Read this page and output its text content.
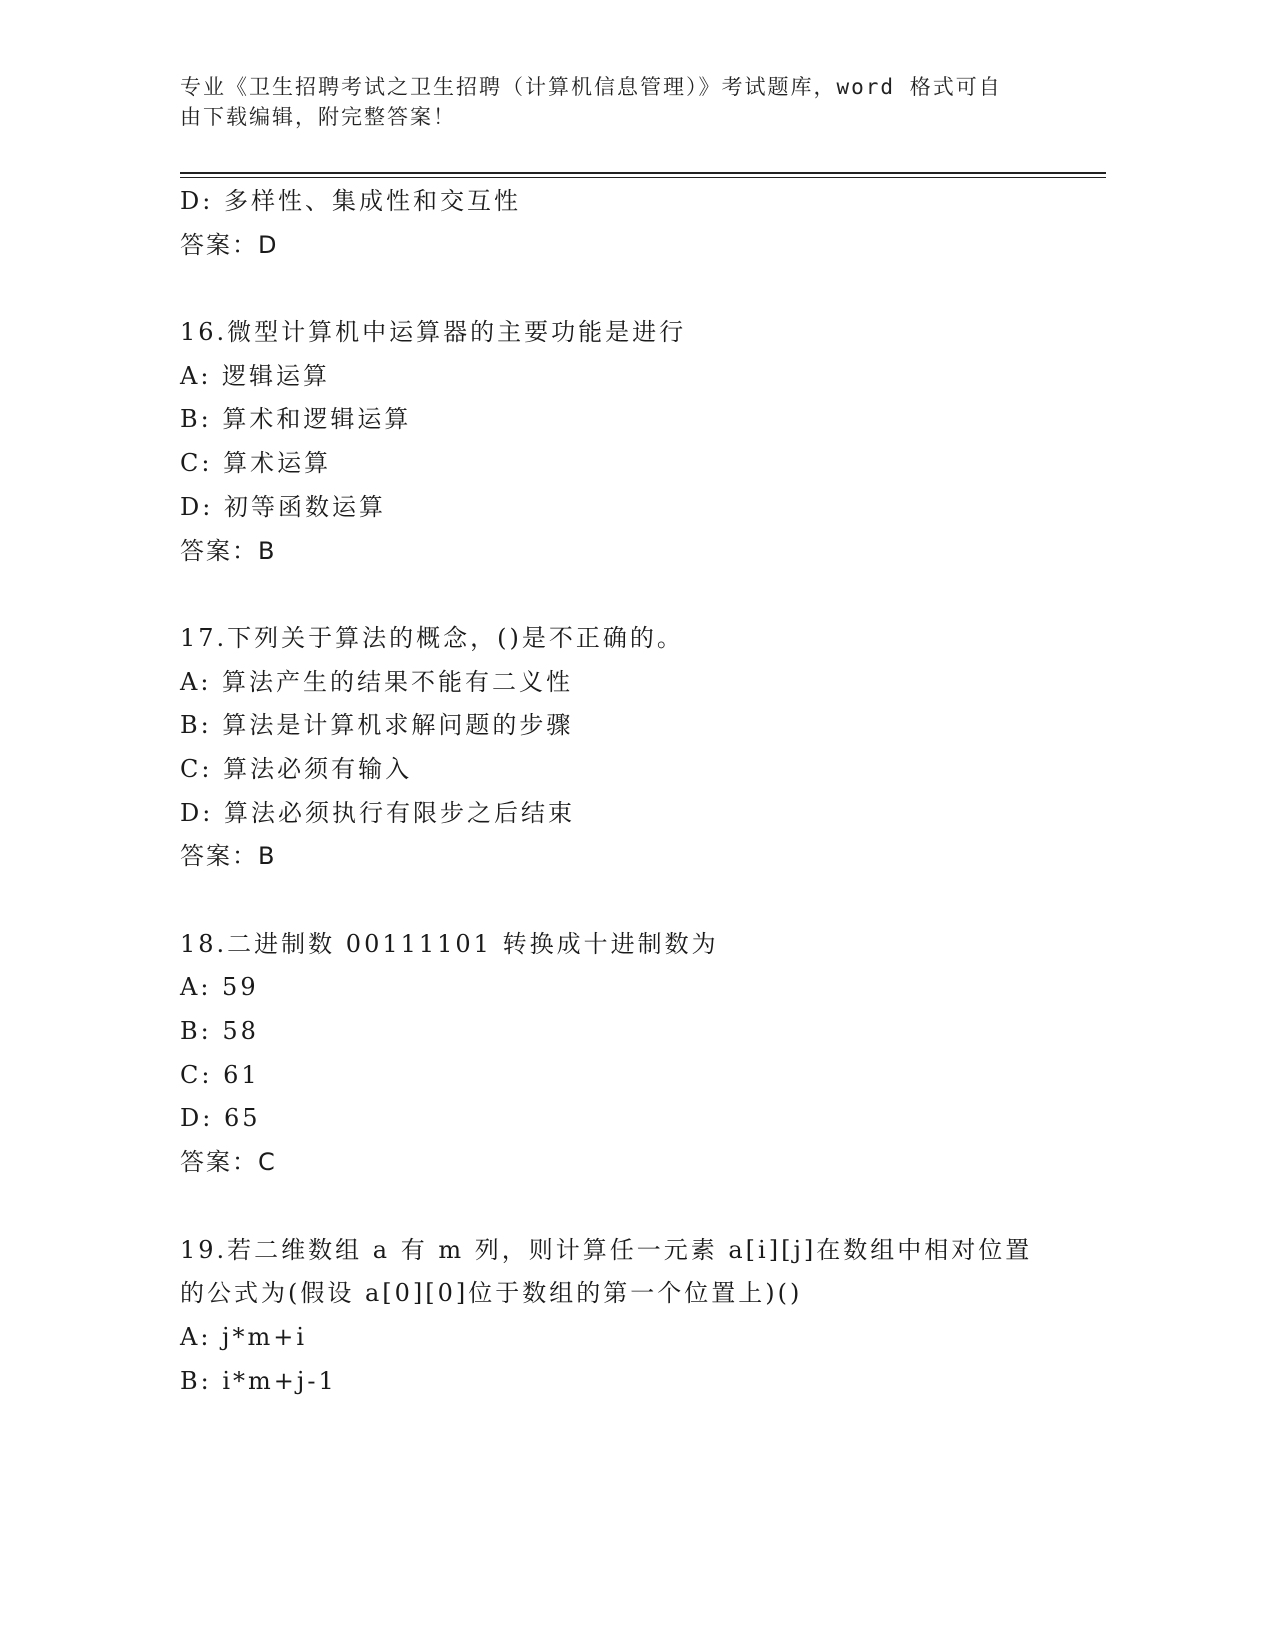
专业《卫生招聘考试之卫生招聘（计算机信息管理）》考试题库，word 格式可自
由下载编辑，附完整答案！
D: 多样性、集成性和交互性
答案：D
16.微型计算机中运算器的主要功能是进行
A: 逻辑运算
B: 算术和逻辑运算
C: 算术运算
D: 初等函数运算
答案：B
17.下列关于算法的概念，()是不正确的。
A: 算法产生的结果不能有二义性
B: 算法是计算机求解问题的步骤
C: 算法必须有输入
D: 算法必须执行有限步之后结束
答案：B
18.二进制数 00111101 转换成十进制数为
A: 59
B: 58
C: 61
D: 65
答案：C
19.若二维数组 a 有 m 列，则计算任一元素 a[i][j]在数组中相对位置
的公式为(假设 a[0][0]位于数组的第一个位置上)()
A: j*m+i
B: i*m+j-1
